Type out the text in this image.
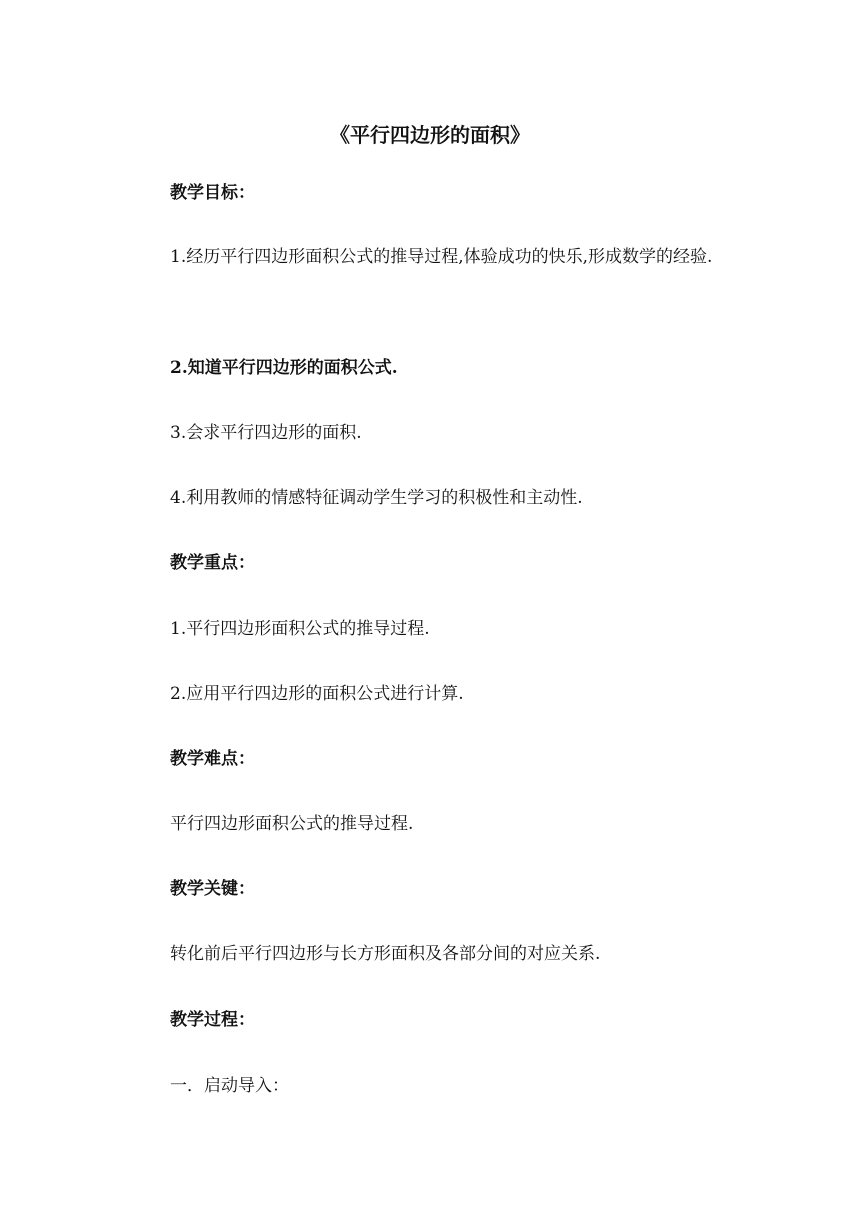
《平行四边形的面积》
教学目标：
1.经历平行四边形面积公式的推导过程,体验成功的快乐,形成数学的经验.
2.知道平行四边形的面积公式.
3.会求平行四边形的面积.
4.利用教师的情感特征调动学生学习的积极性和主动性.
教学重点：
1.平行四边形面积公式的推导过程.
2.应用平行四边形的面积公式进行计算.
教学难点：
平行四边形面积公式的推导过程.
教学关键：
转化前后平行四边形与长方形面积及各部分间的对应关系.
教学过程：
一．启动导入：
